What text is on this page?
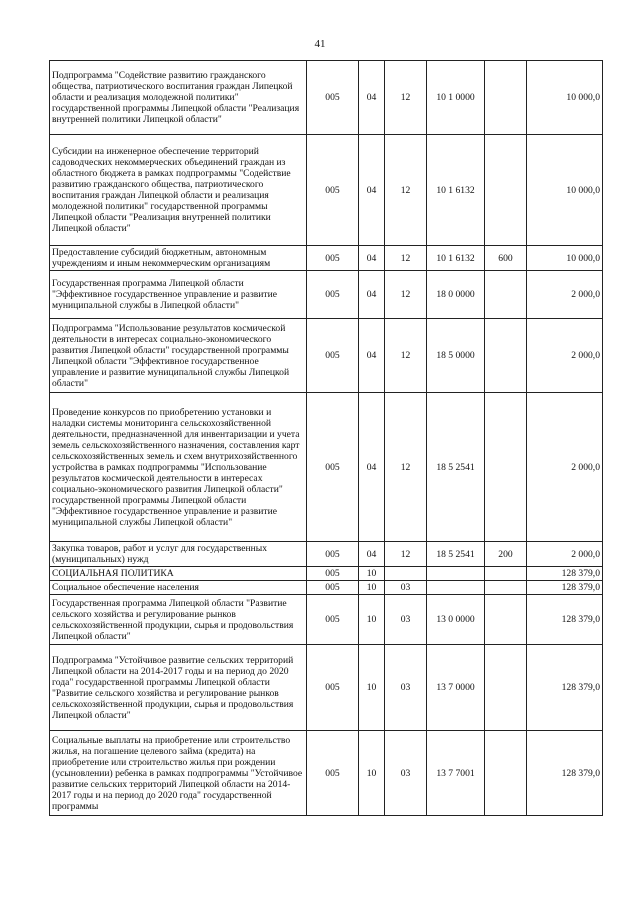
41
Подпрограмма "Содействие развитию гражданского общества, патриотического воспитания граждан Липецкой области и реализация молодежной политики" государственной программы Липецкой области "Реализация внутренней политики Липецкой области"	005	04	12	10 1 0000		10 000,0
Субсидии на инженерное обеспечение территорий садоводческих некоммерческих объединений граждан из областного бюджета в рамках подпрограммы "Содействие развитию гражданского общества, патриотического воспитания граждан Липецкой области и реализация молодежной политики" государственной программы Липецкой области "Реализация внутренней политики Липецкой области"	005	04	12	10 1 6132		10 000,0
Предоставление субсидий бюджетным, автономным учреждениям и иным некоммерческим организациям	005	04	12	10 1 6132	600	10 000,0
Государственная программа Липецкой области "Эффективное государственное управление и развитие муниципальной службы в Липецкой области"	005	04	12	18 0 0000		2 000,0
Подпрограмма "Использование результатов космической деятельности в интересах социально-экономического развития Липецкой области" государственной программы Липецкой области "Эффективное государственное управление и развитие муниципальной службы Липецкой области"	005	04	12	18 5 0000		2 000,0
Проведение конкурсов по приобретению установки и наладки системы мониторинга сельскохозяйственной деятельности, предназначенной для инвентаризации и учета земель сельскохозяйственного назначения, составления карт сельскохозяйственных земель и схем внутрихозяйственного устройства в рамках подпрограммы "Использование результатов космической деятельности в интересах социально-экономического развития Липецкой области" государственной программы Липецкой области "Эффективное государственное управление и развитие муниципальной службы Липецкой области"	005	04	12	18 5 2541		2 000,0
Закупка товаров, работ и услуг для государственных (муниципальных) нужд	005	04	12	18 5 2541	200	2 000,0
СОЦИАЛЬНАЯ ПОЛИТИКА	005	10				128 379,0
Социальное обеспечение населения	005	10	03			128 379,0
Государственная программа Липецкой области "Развитие сельского хозяйства и регулирование рынков сельскохозяйственной продукции, сырья и продовольствия Липецкой области"	005	10	03	13 0 0000		128 379,0
Подпрограмма "Устойчивое развитие сельских территорий Липецкой области на 2014-2017 годы и на период до 2020 года" государственной программы Липецкой области "Развитие сельского хозяйства и регулирование рынков сельскохозяйственной продукции, сырья и продовольствия Липецкой области"	005	10	03	13 7 0000		128 379,0
Социальные выплаты на приобретение или строительство жилья, на погашение целевого займа (кредита) на приобретение или строительство жилья при рождении (усыновлении) ребенка в рамках подпрограммы "Устойчивое развитие сельских территорий Липецкой области на 2014-2017 годы и на период до 2020 года" государственной программы	005	10	03	13 7 7001		128 379,0
